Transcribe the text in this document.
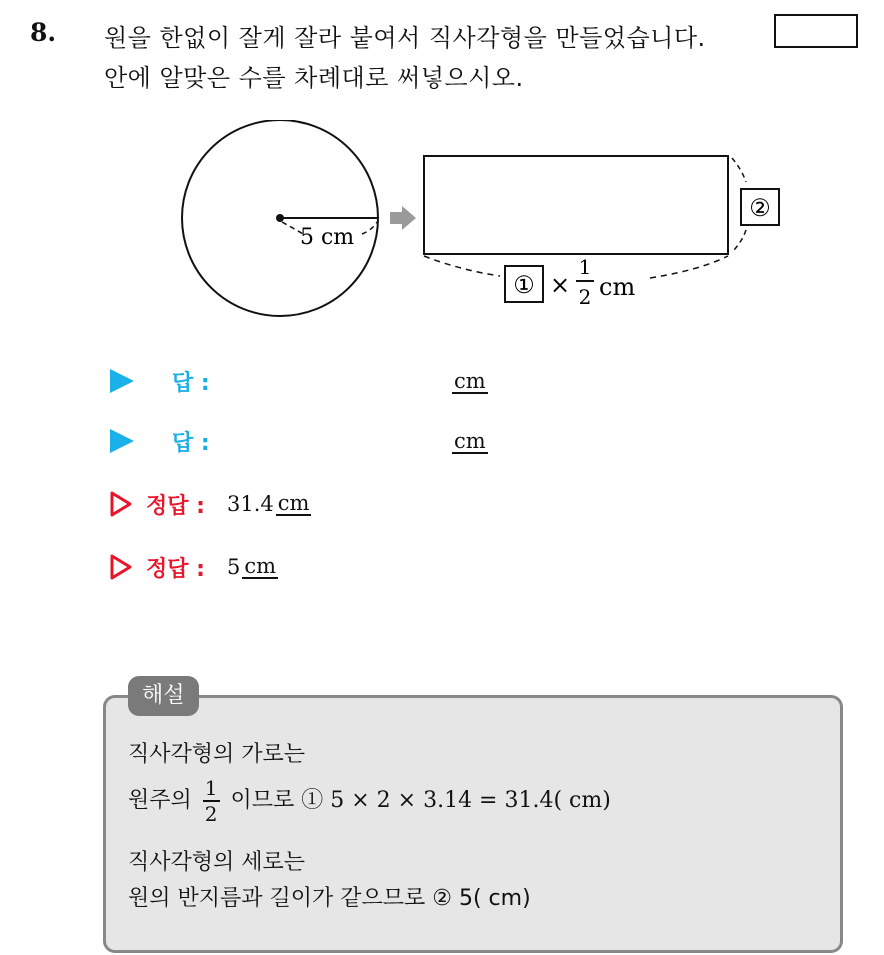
8. 원을 한없이 잘게 잘라 붙여서 직사각형을 만들었습니다.
안에 알맞은 수를 차례대로 써넣으시오.
5 cm
②
① ×
1
2 cm
답 :	cm
답 :	cm
정답 : 31.4 cm
정답 : 5 cm
해설
직사각형의 가로는
원주의 $\frac{1}{2}$ 이므로 ① 5 × 2 × 3.14 = 31.4( cm)
직사각형의 세로는
원의 반지름과 길이가 같으므로 ② 5( cm)
